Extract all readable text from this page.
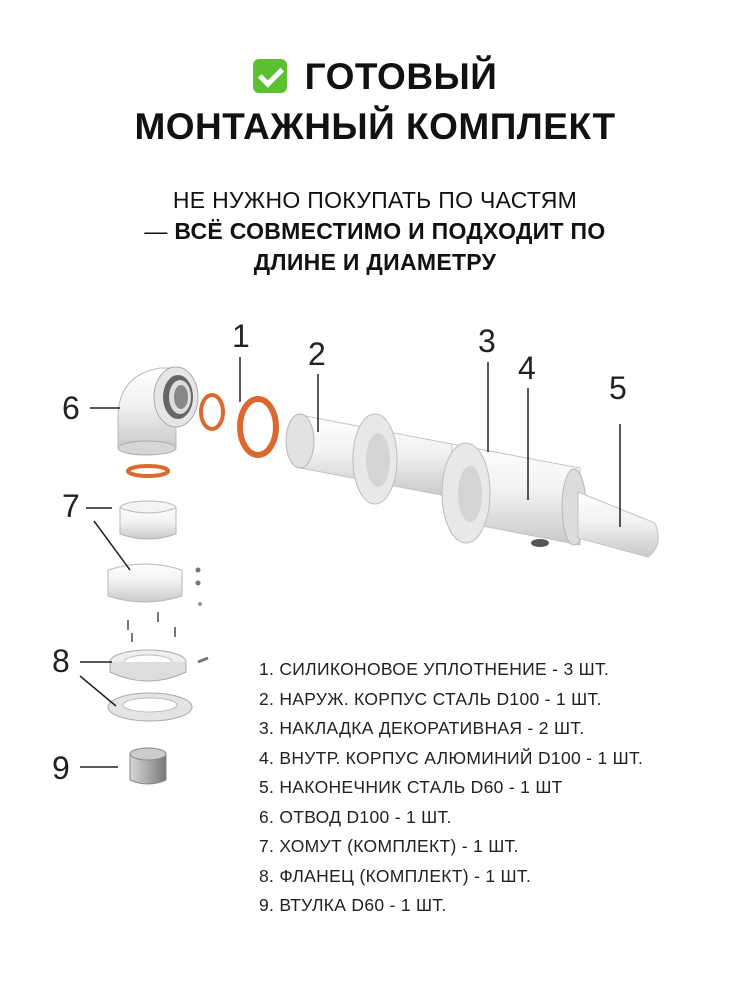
ГОТОВЫЙ
МОНТАЖНЫЙ КОМПЛЕКТ
НЕ НУЖНО ПОКУПАТЬ ПО ЧАСТЯМ
— ВСЁ СОВМЕСТИМО И ПОДХОДИТ ПО
ДЛИНЕ И ДИАМЕТРУ
1 2	3
4
5
6
7
8
9
1. СИЛИКОНОВОЕ УПЛОТНЕНИЕ - 3 ШТ.
2. НАРУЖ. КОРПУС СТАЛЬ D100 - 1 ШТ.
3. НАКЛАДКА ДЕКОРАТИВНАЯ - 2 ШТ.
4. ВНУТР. КОРПУС АЛЮМИНИЙ D100 - 1 ШТ.
5. НАКОНЕЧНИК СТАЛЬ D60 - 1 ШТ
6. ОТВОД D100 - 1 ШТ.
7. ХОМУТ (КОМПЛЕКТ) - 1 ШТ.
8. ФЛАНЕЦ (КОМПЛЕКТ) - 1 ШТ.
9. ВТУЛКА D60 - 1 ШТ.
